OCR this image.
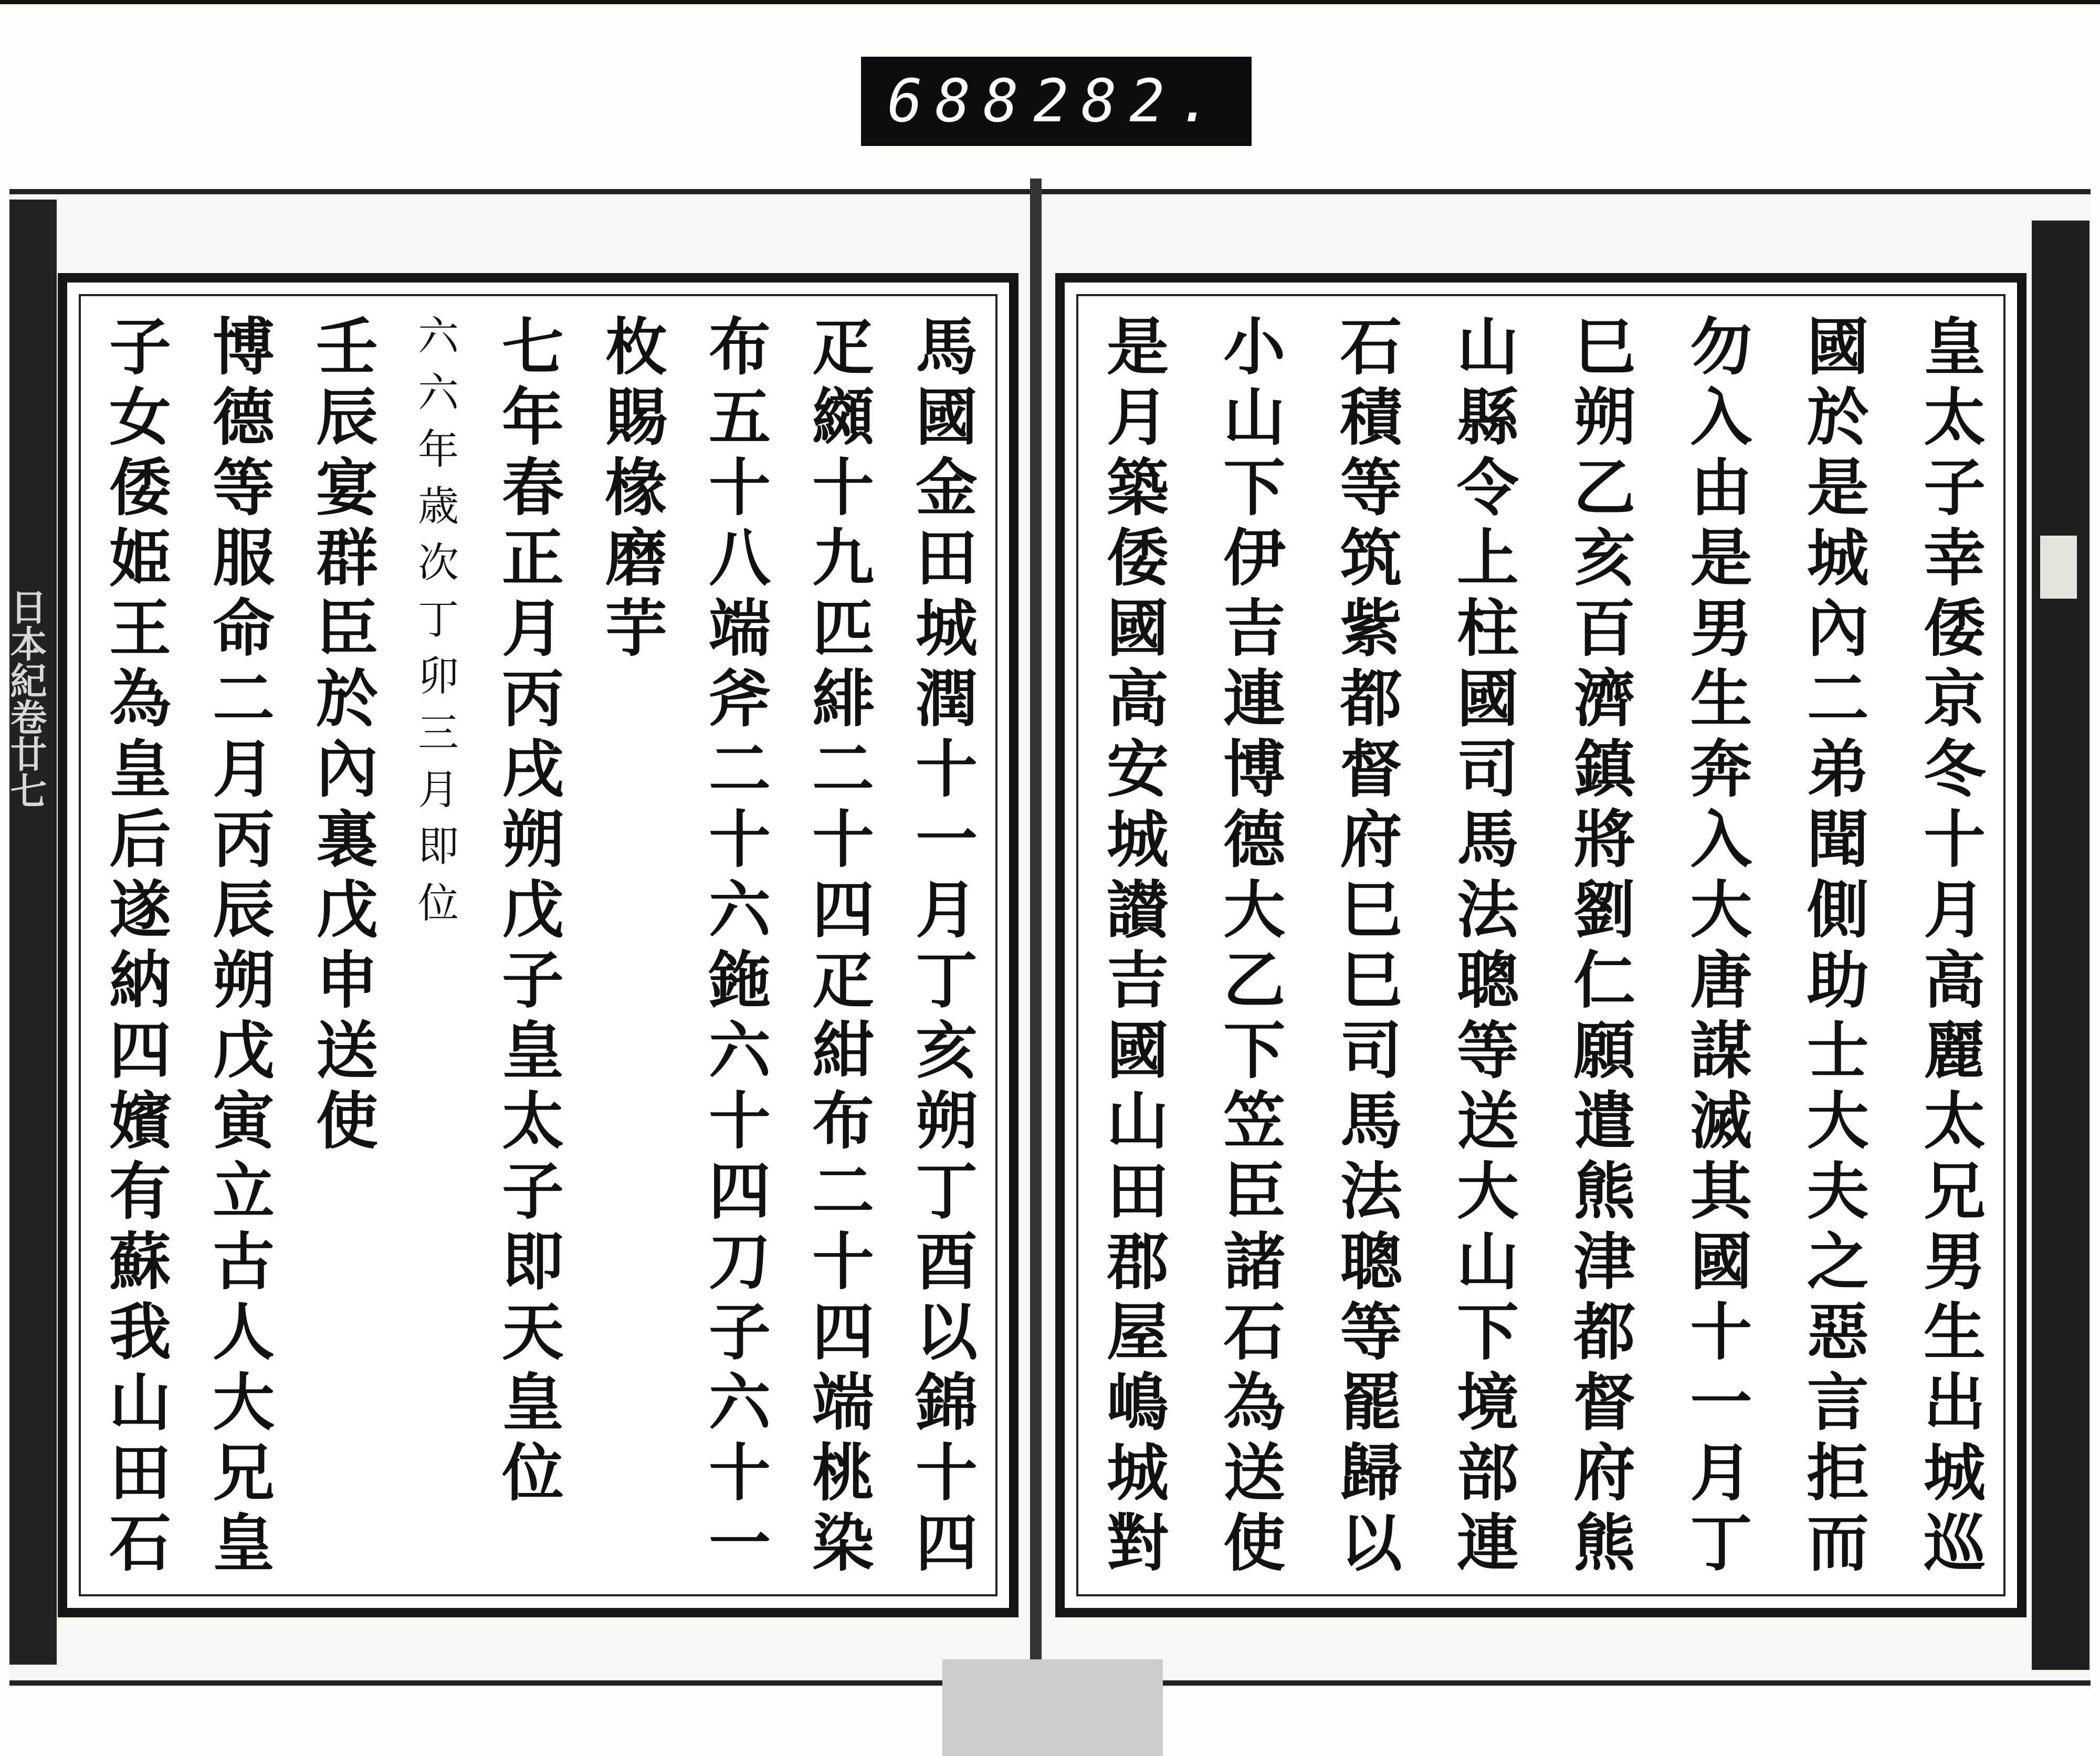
688 282.
日本紀卷廿七	馬國金田城潤十一月丁亥朔丁酉以錦十四
疋纐十九匹緋二十四疋紺布二十四端桃染
布五十八端斧二十六鉇六十四刀子六十一
枚賜椽磨芋
七年春正月丙戌朔戊子皇太子即天皇位
六六年歳次丁卯三月即位
壬辰宴群臣於內裏戊申送使
博德等服命二月丙辰朔戊寅立古人大兄皇
子女倭姫王為皇后遂納四嬪有蘇我山田石	皇太子幸倭京冬十月高麗太兄男生出城巡
國於是城內二弟聞側助士大夫之惡言拒而
勿入由是男生奔入大唐謀滅其國十一月丁
巳朔乙亥百濟鎮將劉仁願遣熊津都督府熊
山縣令上柱國司馬法聰等送大山下境部連
石積等筑紫都督府巳巳司馬法聰等罷歸以
小山下伊吉連博德大乙下笠臣諸石為送使
是月築倭國高安城讃吉國山田郡屋嶋城對
